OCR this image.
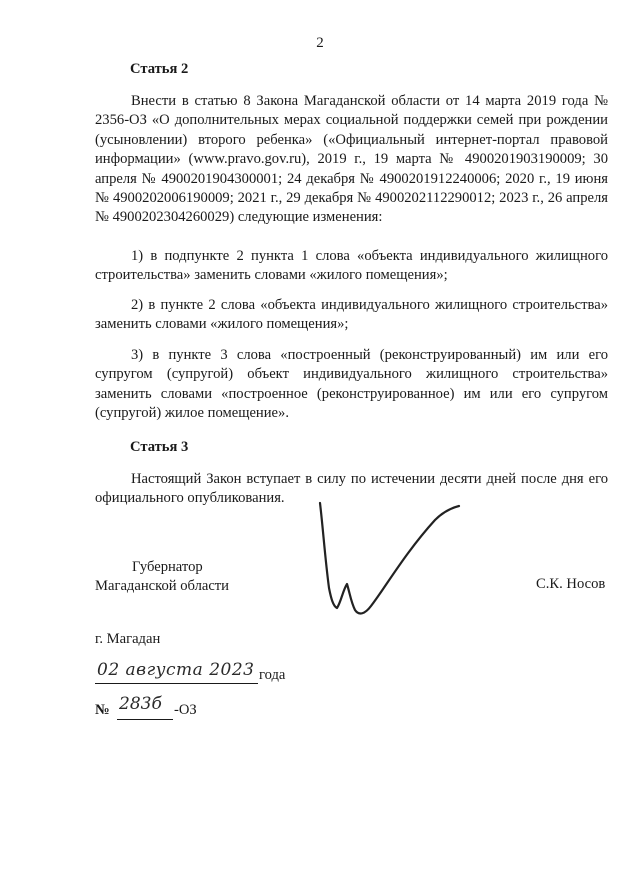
2
Статья 2

Внести в статью 8 Закона Магаданской области от 14 марта 2019 года № 2356-ОЗ «О дополнительных мерах социальной поддержки семей при рождении (усыновлении) второго ребенка» («Официальный интернет-портал правовой информации» (www.pravo.gov.ru), 2019 г., 19 марта № 4900201903190009; 30 апреля № 4900201904300001; 24 декабря № 4900201912240006; 2020 г., 19 июня № 4900202006190009; 2021 г., 29 декабря № 4900202112290012; 2023 г., 26 апреля № 4900202304260029) следующие изменения:

1) в подпункте 2 пункта 1 слова «объекта индивидуального жилищного строительства» заменить словами «жилого помещения»;

2) в пункте 2 слова «объекта индивидуального жилищного строительства» заменить словами «жилого помещения»;

3) в пункте 3 слова «построенный (реконструированный) им или его супругом (супругой) объект индивидуального жилищного строительства» заменить словами «построенное (реконструированное) им или его супругом (супругой) жилое помещение».

Статья 3

Настоящий Закон вступает в силу по истечении десяти дней после дня его официального опубликования.

Губернатор
Магаданской области	С.К. Носов
г. Магадан
02 августа 2023 года
№ 283б -ОЗ
